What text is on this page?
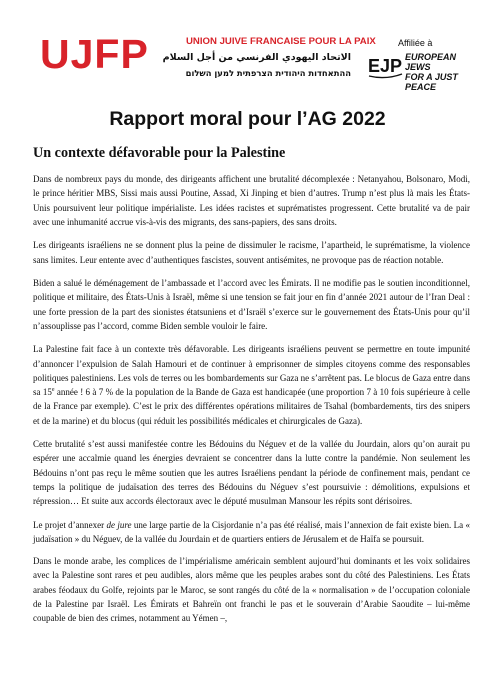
UJFP	UNION JUIVE FRANCAISE POUR LA PAIX
الاتحاد اليهودي الفرنسي من أجل السلام
ההתאחדות היהודית הצרפתית למען השלום
Affiliée à
EJP EUROPEAN JEWS
FOR A JUST PEACE
Rapport moral pour l’AG 2022
Un contexte défavorable pour la Palestine

Dans de nombreux pays du monde, des dirigeants affichent une brutalité décomplexée : Netanyahou, Bolsonaro, Modi, le prince héritier MBS, Sissi mais aussi Poutine, Assad, Xi Jinping et bien d’autres. Trump n’est plus là mais les États-Unis poursuivent leur politique impérialiste. Les idées racistes et suprématistes progressent. Cette brutalité va de pair avec une inhumanité accrue vis-à-vis des migrants, des sans-papiers, des sans droits.

Les dirigeants israéliens ne se donnent plus la peine de dissimuler le racisme, l’apartheid, le suprématisme, la violence sans limites. Leur entente avec d’authentiques fascistes, souvent antisémites, ne provoque pas de réaction notable.

Biden a salué le déménagement de l’ambassade et l’accord avec les Émirats. Il ne modifie pas le soutien inconditionnel, politique et militaire, des États-Unis à Israël, même si une tension se fait jour en fin d’année 2021 autour de l’Iran Deal : une forte pression de la part des sionistes étatsuniens et d’Israël s’exerce sur le gouvernement des États-Unis pour qu’il n’assouplisse pas l’accord, comme Biden semble vouloir le faire.

La Palestine fait face à un contexte très défavorable. Les dirigeants israéliens peuvent se permettre en toute impunité d’annoncer l’expulsion de Salah Hamouri et de continuer à emprisonner de simples citoyens comme des responsables politiques palestiniens. Les vols de terres ou les bombardements sur Gaza ne s’arrêtent pas. Le blocus de Gaza entre dans sa 15e année ! 6 à 7 % de la population de la Bande de Gaza est handicapée (une proportion 7 à 10 fois supérieure à celle de la France par exemple). C’est le prix des différentes opérations militaires de Tsahal (bombardements, tirs des snipers et de la marine) et du blocus (qui réduit les possibilités médicales et chirurgicales de Gaza).

Cette brutalité s’est aussi manifestée contre les Bédouins du Néguev et de la vallée du Jourdain, alors qu’on aurait pu espérer une accalmie quand les énergies devraient se concentrer dans la lutte contre la pandémie. Non seulement les Bédouins n’ont pas reçu le même soutien que les autres Israéliens pendant la période de confinement mais, pendant ce temps la politique de judaïsation des terres des Bédouins du Néguev s’est poursuivie : démolitions, expulsions et répression… Et suite aux accords électoraux avec le député musulman Mansour les répits sont dérisoires.

Le projet d’annexer de jure une large partie de la Cisjordanie n’a pas été réalisé, mais l’annexion de fait existe bien. La « judaïsation » du Néguev, de la vallée du Jourdain et de quartiers entiers de Jérusalem et de Haïfa se poursuit.

Dans le monde arabe, les complices de l’impérialisme américain semblent aujourd’hui dominants et les voix solidaires avec la Palestine sont rares et peu audibles, alors même que les peuples arabes sont du côté des Palestiniens. Les États arabes féodaux du Golfe, rejoints par le Maroc, se sont rangés du côté de la « normalisation » de l’occupation coloniale de la Palestine par Israël. Les Émirats et Bahreïn ont franchi le pas et le souverain d’Arabie Saoudite – lui-même coupable de bien des crimes, notamment au Yémen –,
